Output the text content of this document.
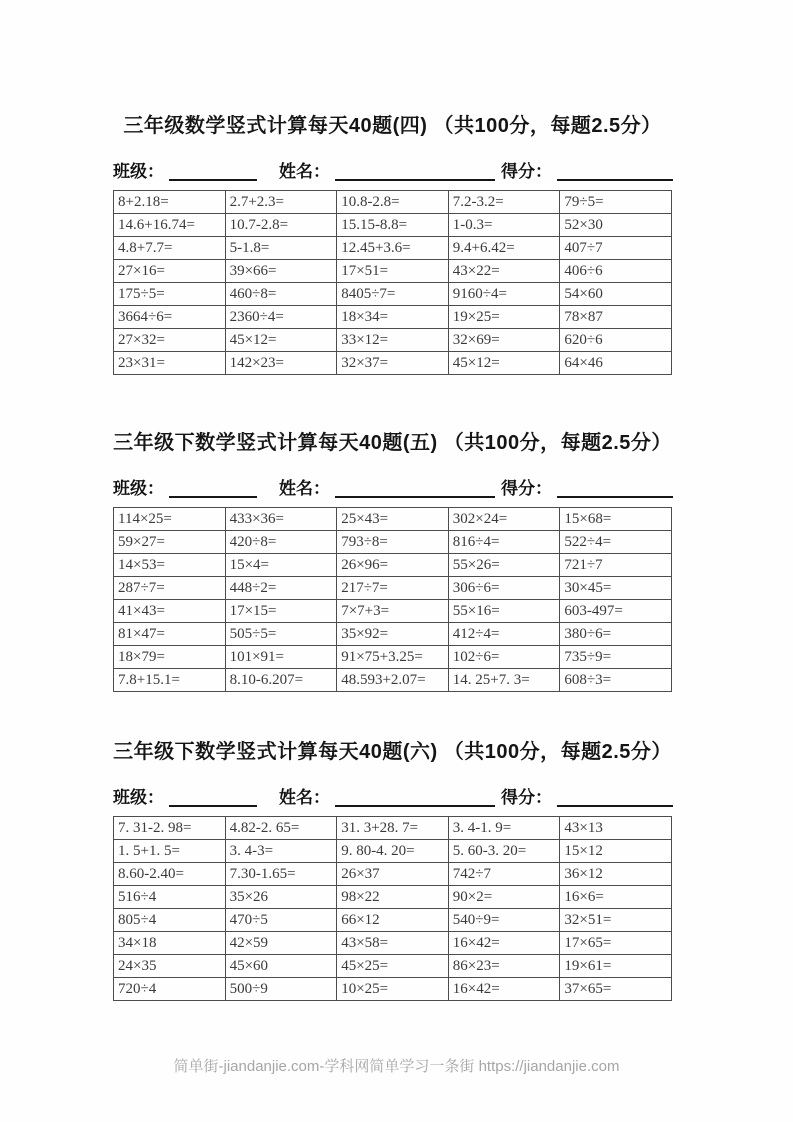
三年级数学竖式计算每天40题(四) （共100分，每题2.5分）
班级：	姓名：	得分：
8+2.18=	2.7+2.3=	10.8-2.8=	7.2-3.2=	79÷5=
14.6+16.74=	10.7-2.8=	15.15-8.8=	1-0.3=	52×30
4.8+7.7=	5-1.8=	12.45+3.6=	9.4+6.42=	407÷7
27×16=	39×66=	17×51=	43×22=	406÷6
175÷5=	460÷8=	8405÷7=	9160÷4=	54×60
3664÷6=	2360÷4=	18×34=	19×25=	78×87
27×32=	45×12=	33×12=	32×69=	620÷6
23×31=	142×23=	32×37=	45×12=	64×46
三年级下数学竖式计算每天40题(五) （共100分，每题2.5分）
班级：	姓名：	得分：
114×25=	433×36=	25×43=	302×24=	15×68=
59×27=	420÷8=	793÷8=	816÷4=	522÷4=
14×53=	15×4=	26×96=	55×26=	721÷7
287÷7=	448÷2=	217÷7=	306÷6=	30×45=
41×43=	17×15=	7×7+3=	55×16=	603-497=
81×47=	505÷5=	35×92=	412÷4=	380÷6=
18×79=	101×91=	91×75+3.25=	102÷6=	735÷9=
7.8+15.1=	8.10-6.207=	48.593+2.07=	14. 25+7. 3=	608÷3=
三年级下数学竖式计算每天40题(六) （共100分，每题2.5分）
班级：	姓名：	得分：
7. 31-2. 98=	4.82-2. 65=	31. 3+28. 7=	3. 4-1. 9=	43×13
1. 5+1. 5=	3. 4-3=	9. 80-4. 20=	5. 60-3. 20=	15×12
8.60-2.40=	7.30-1.65=	26×37	742÷7	36×12
516÷4	35×26	98×22	90×2=	16×6=
805÷4	470÷5	66×12	540÷9=	32×51=
34×18	42×59	43×58=	16×42=	17×65=
24×35	45×60	45×25=	86×23=	19×61=
720÷4	500÷9	10×25=	16×42=	37×65=
简单街-jiandanjie.com-学科网简单学习一条街 https://jiandanjie.com
